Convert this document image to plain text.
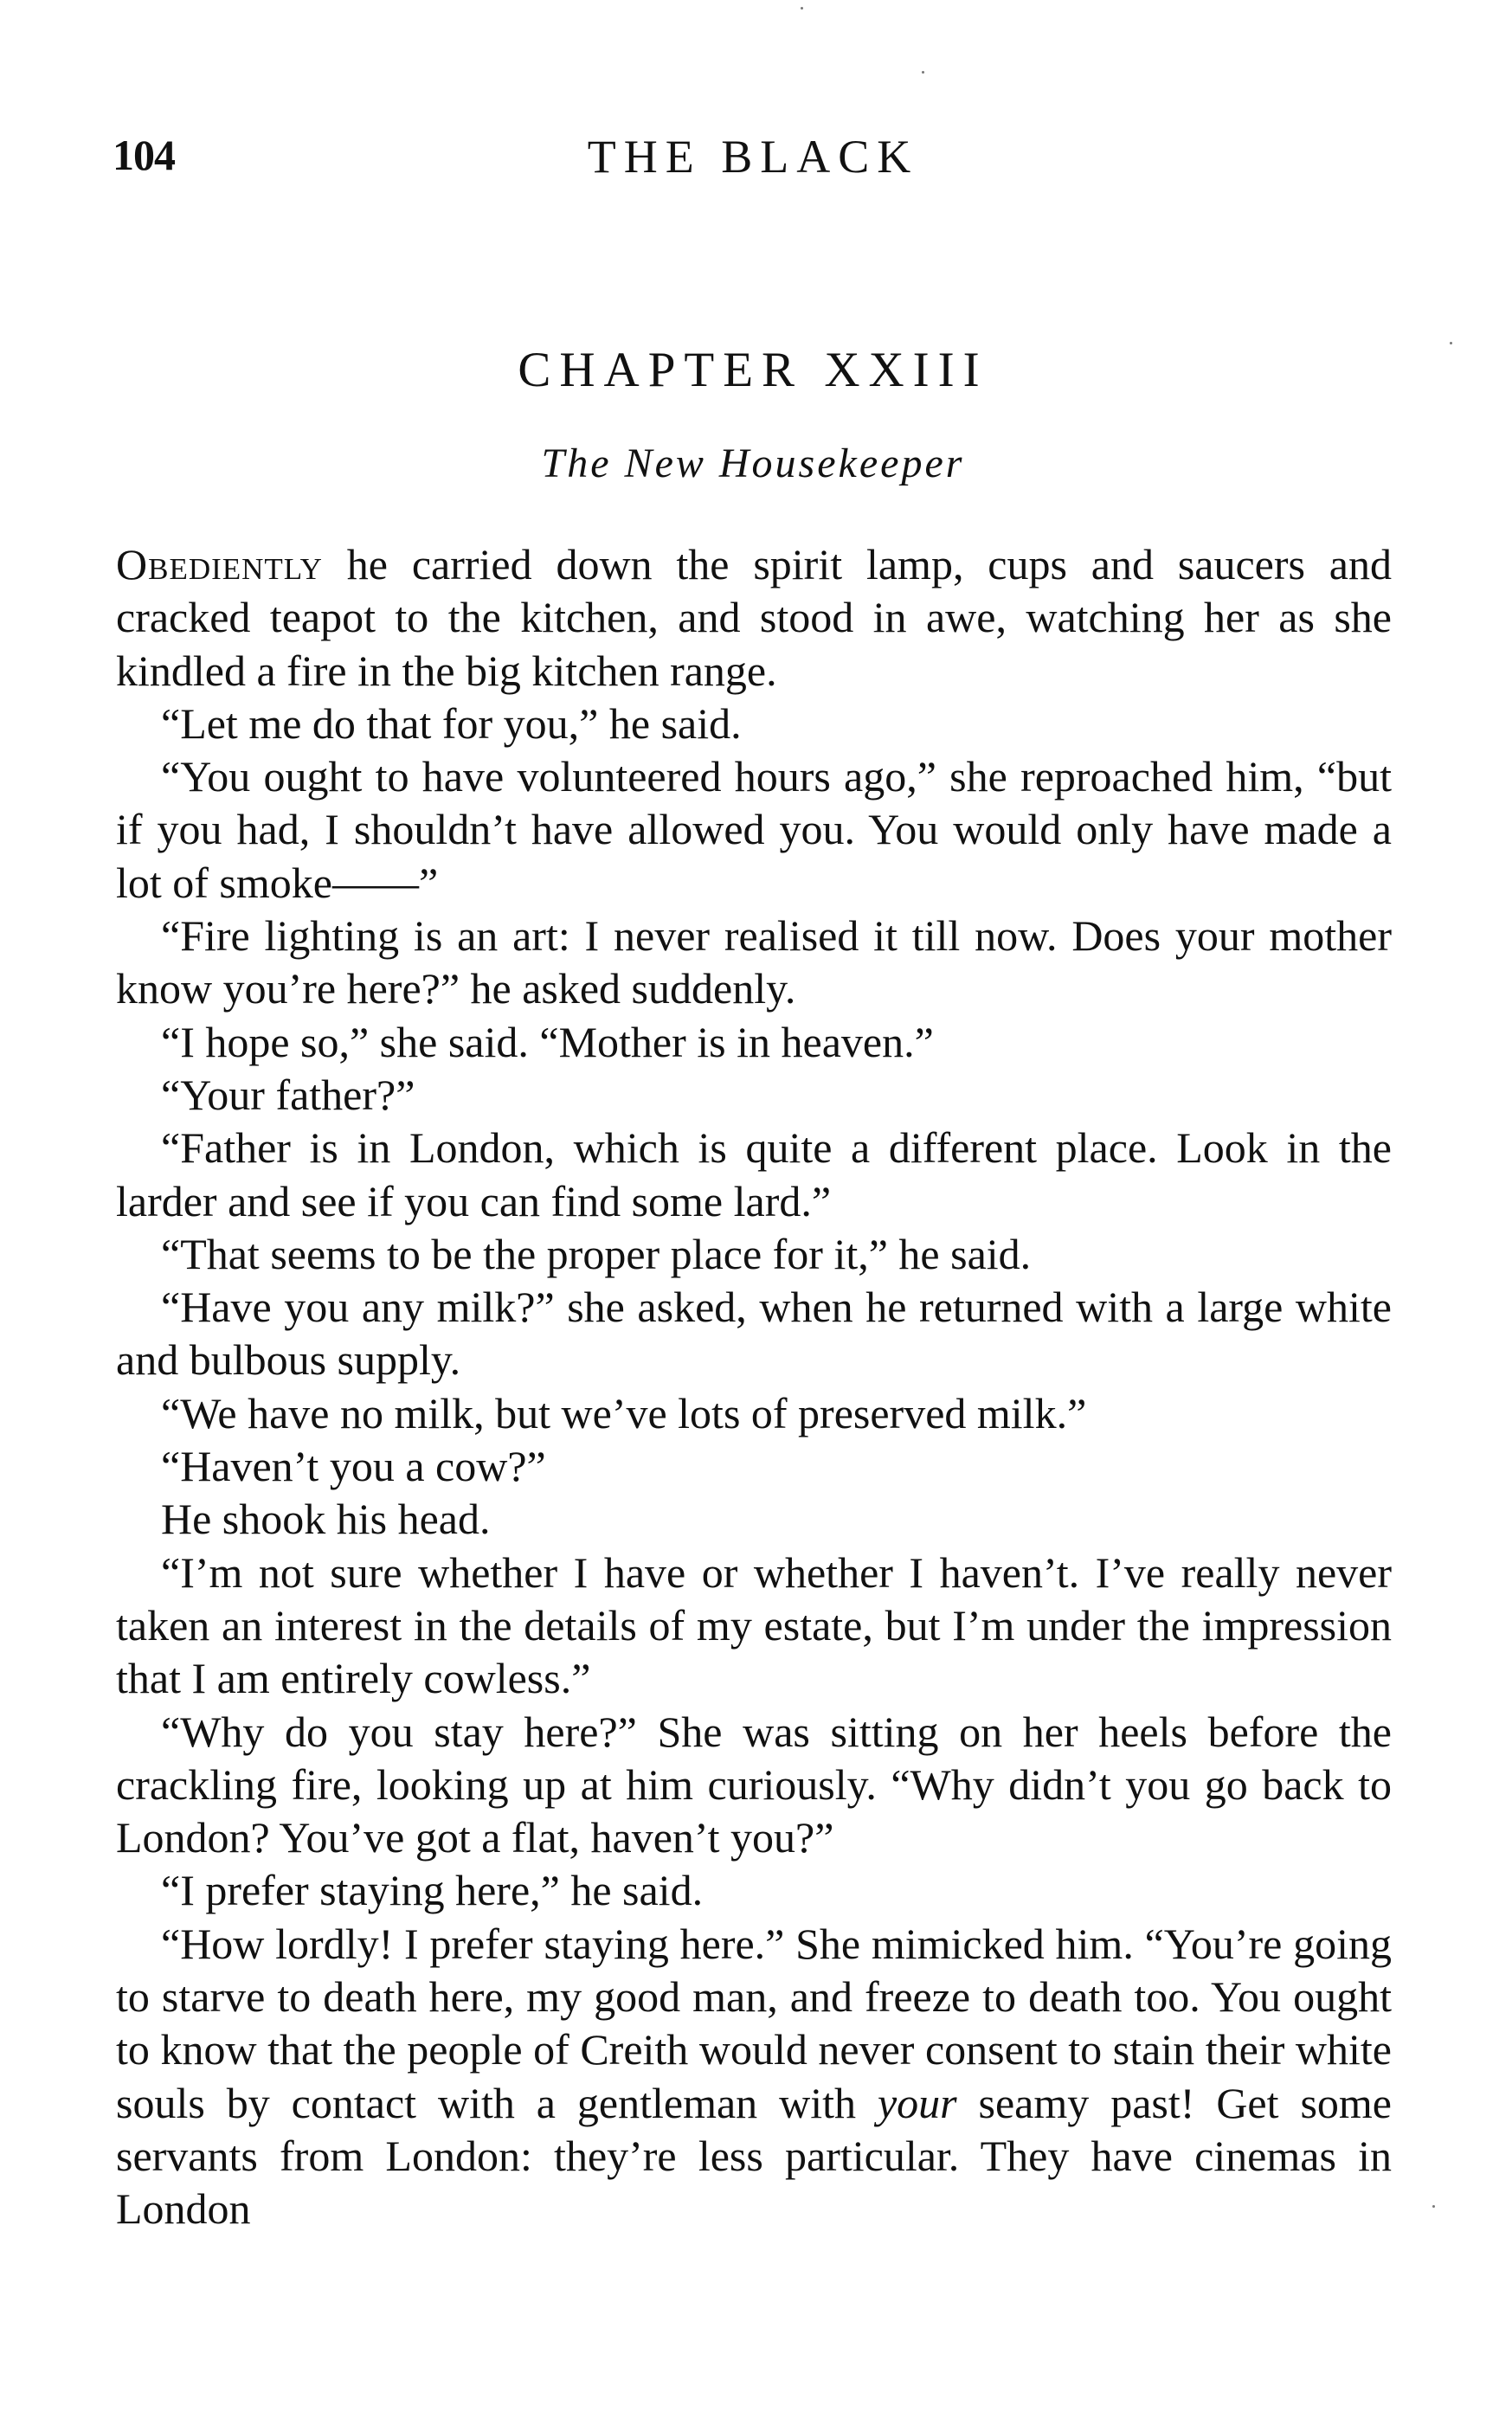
104	THE BLACK
CHAPTER XXIII
The New Housekeeper

Obediently he carried down the spirit lamp, cups and saucers and cracked teapot to the kitchen, and stood in awe, watching her as she kindled a fire in the big kitchen range.

“Let me do that for you,” he said.

“You ought to have volunteered hours ago,” she reproached him, “but if you had, I shouldn’t have allowed you. You would only have made a lot of smoke——”

“Fire lighting is an art: I never realised it till now. Does your mother know you’re here?” he asked suddenly.

“I hope so,” she said. “Mother is in heaven.”

“Your father?”

“Father is in London, which is quite a different place. Look in the larder and see if you can find some lard.”

“That seems to be the proper place for it,” he said.

“Have you any milk?” she asked, when he returned with a large white and bulbous supply.

“We have no milk, but we’ve lots of preserved milk.”

“Haven’t you a cow?”

He shook his head.

“I’m not sure whether I have or whether I haven’t. I’ve really never taken an interest in the details of my estate, but I’m under the impression that I am entirely cowless.”

“Why do you stay here?” She was sitting on her heels before the crackling fire, looking up at him curiously. “Why didn’t you go back to London? You’ve got a flat, haven’t you?”

“I prefer staying here,” he said.

“How lordly! I prefer staying here.” She mimicked him. “You’re going to starve to death here, my good man, and freeze to death too. You ought to know that the people of Creith would never consent to stain their white souls by contact with a gentleman with your seamy past! Get some servants from London: they’re less particular. They have cinemas in London
